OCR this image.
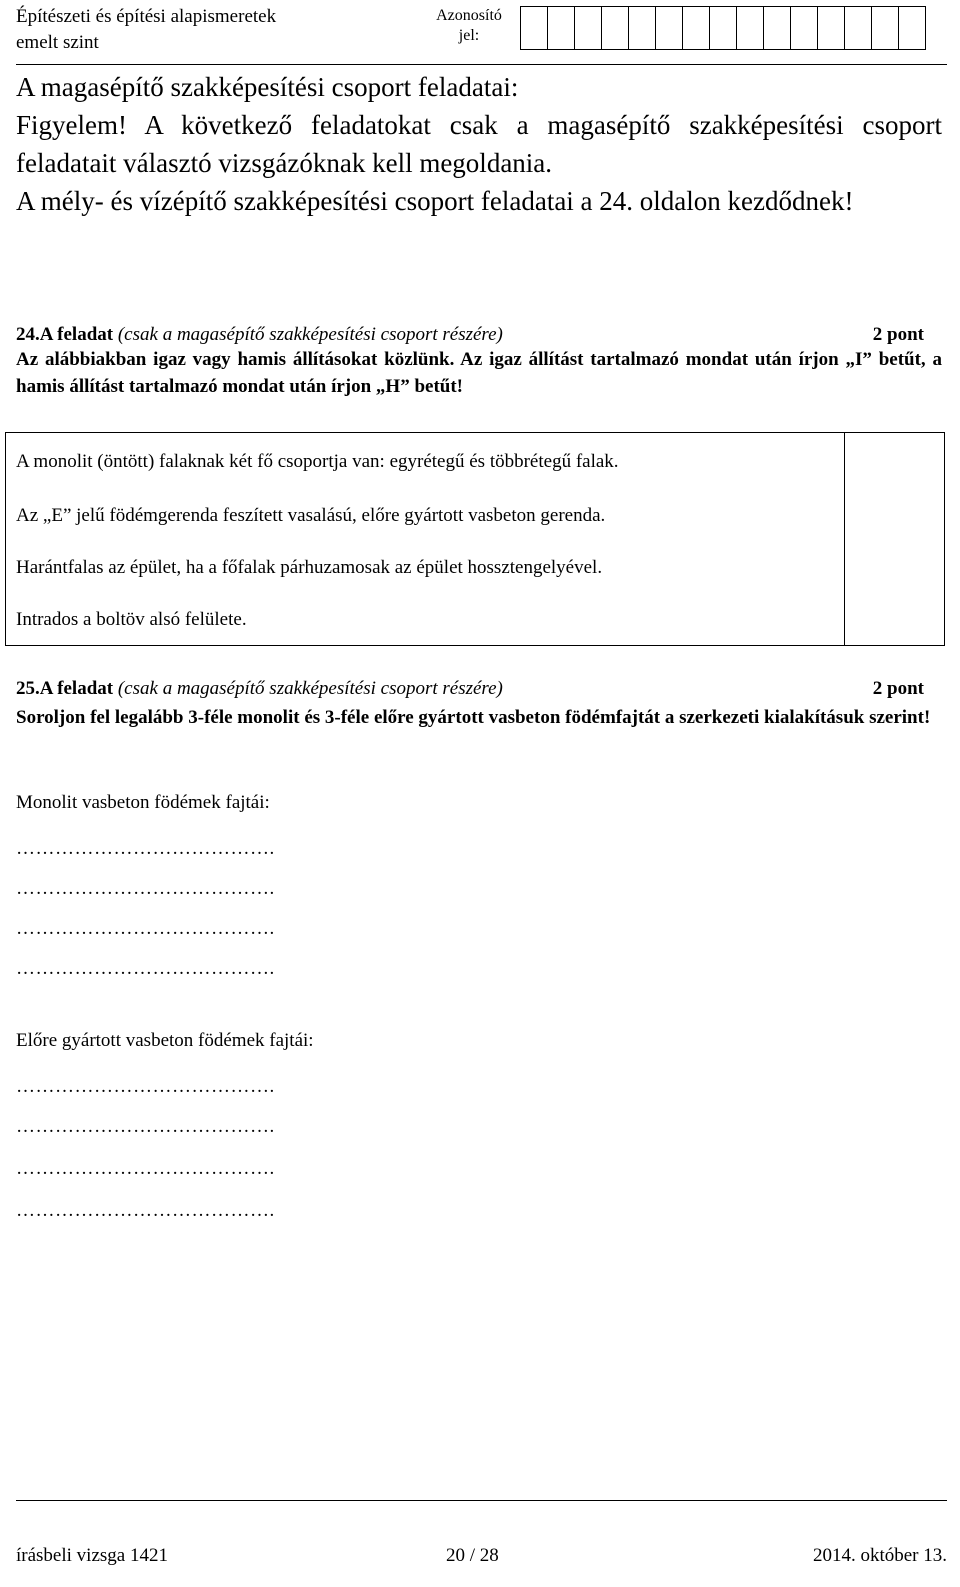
Építészeti és építési alapismeretek
emelt szint
Azonosító
jel:
A magasépítő szakképesítési csoport feladatai:
Figyelem! A következő feladatokat csak a magasépítő szakképesítési csoport feladatait választó vizsgázóknak kell megoldania.
A mély- és vízépítő szakképesítési csoport feladatai a 24. oldalon kezdődnek!
24.A feladat (csak a magasépítő szakképesítési csoport részére)	2 pont
Az alábbiakban igaz vagy hamis állításokat közlünk. Az igaz állítást tartalmazó mondat után írjon „I” betűt, a hamis állítást tartalmazó mondat után írjon „H” betűt!
A monolit (öntött) falaknak két fő csoportja van: egyrétegű és többrétegű falak.
Az „E” jelű födémgerenda feszített vasalású, előre gyártott vasbeton gerenda.
Harántfalas az épület, ha a főfalak párhuzamosak az épület hossztengelyével.
Intrados a boltöv alsó felülete.
25.A feladat (csak a magasépítő szakképesítési csoport részére)	2 pont
Soroljon fel legalább 3-féle monolit és 3-féle előre gyártott vasbeton födémfajtát a szerkezeti kialakításuk szerint!
Monolit vasbeton födémek fajtái:
………………………………….
………………………………….
………………………………….
………………………………….
Előre gyártott vasbeton födémek fajtái:
………………………………….
………………………………….
………………………………….
………………………………….
írásbeli vizsga 1421	20 / 28	2014. október 13.
